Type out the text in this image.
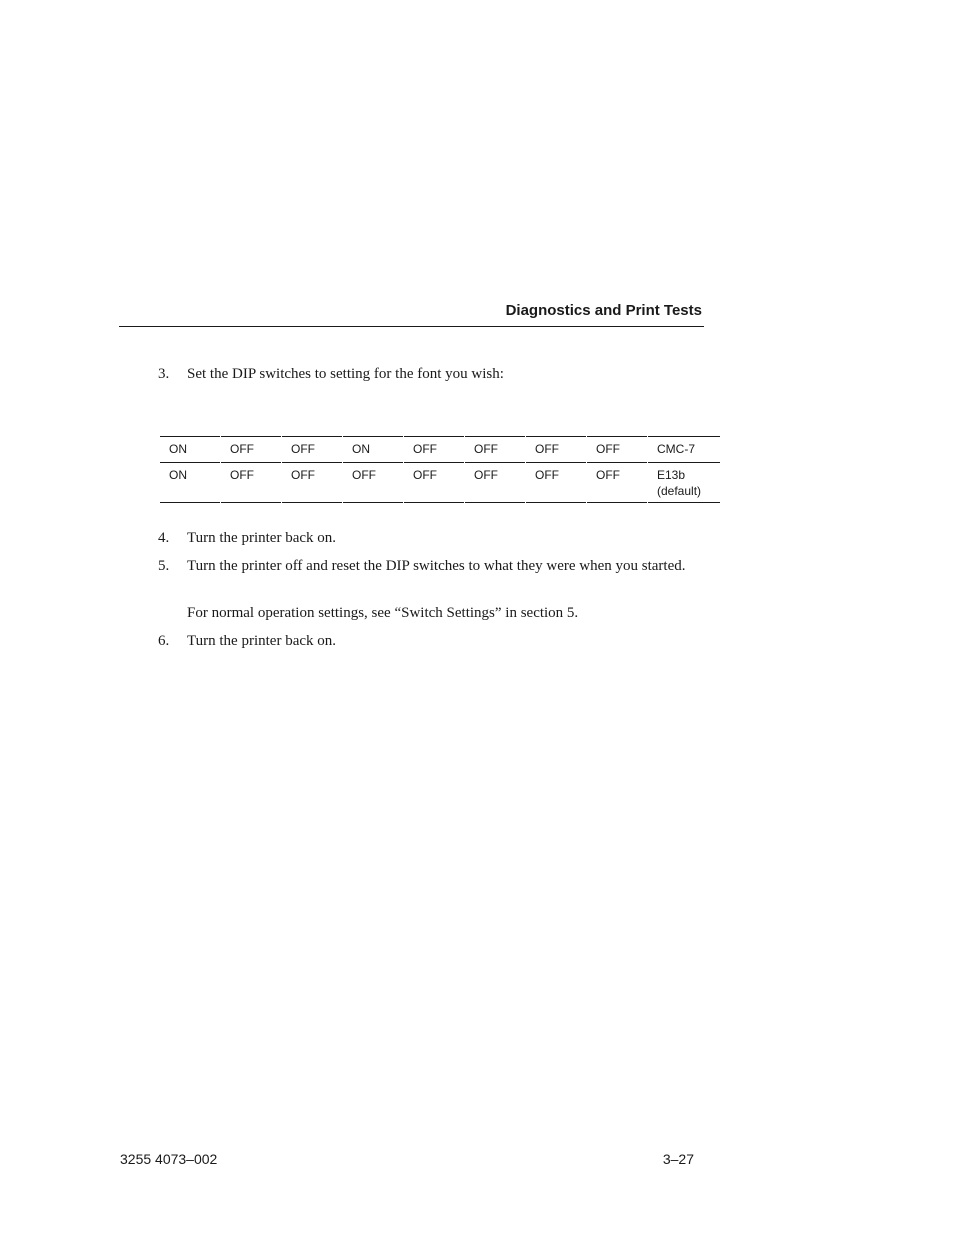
Diagnostics and Print Tests
3. Set the DIP switches to setting for the font you wish:
ON	OFF	OFF	ON	OFF	OFF	OFF	OFF	CMC-7
ON	OFF	OFF	OFF	OFF	OFF	OFF	OFF	E13b
(default)
4. Turn the printer back on.
5. Turn the printer off and reset the DIP switches to what they were when you started.
For normal operation settings, see “Switch Settings” in section 5.
6. Turn the printer back on.
3255 4073–002	3–27
